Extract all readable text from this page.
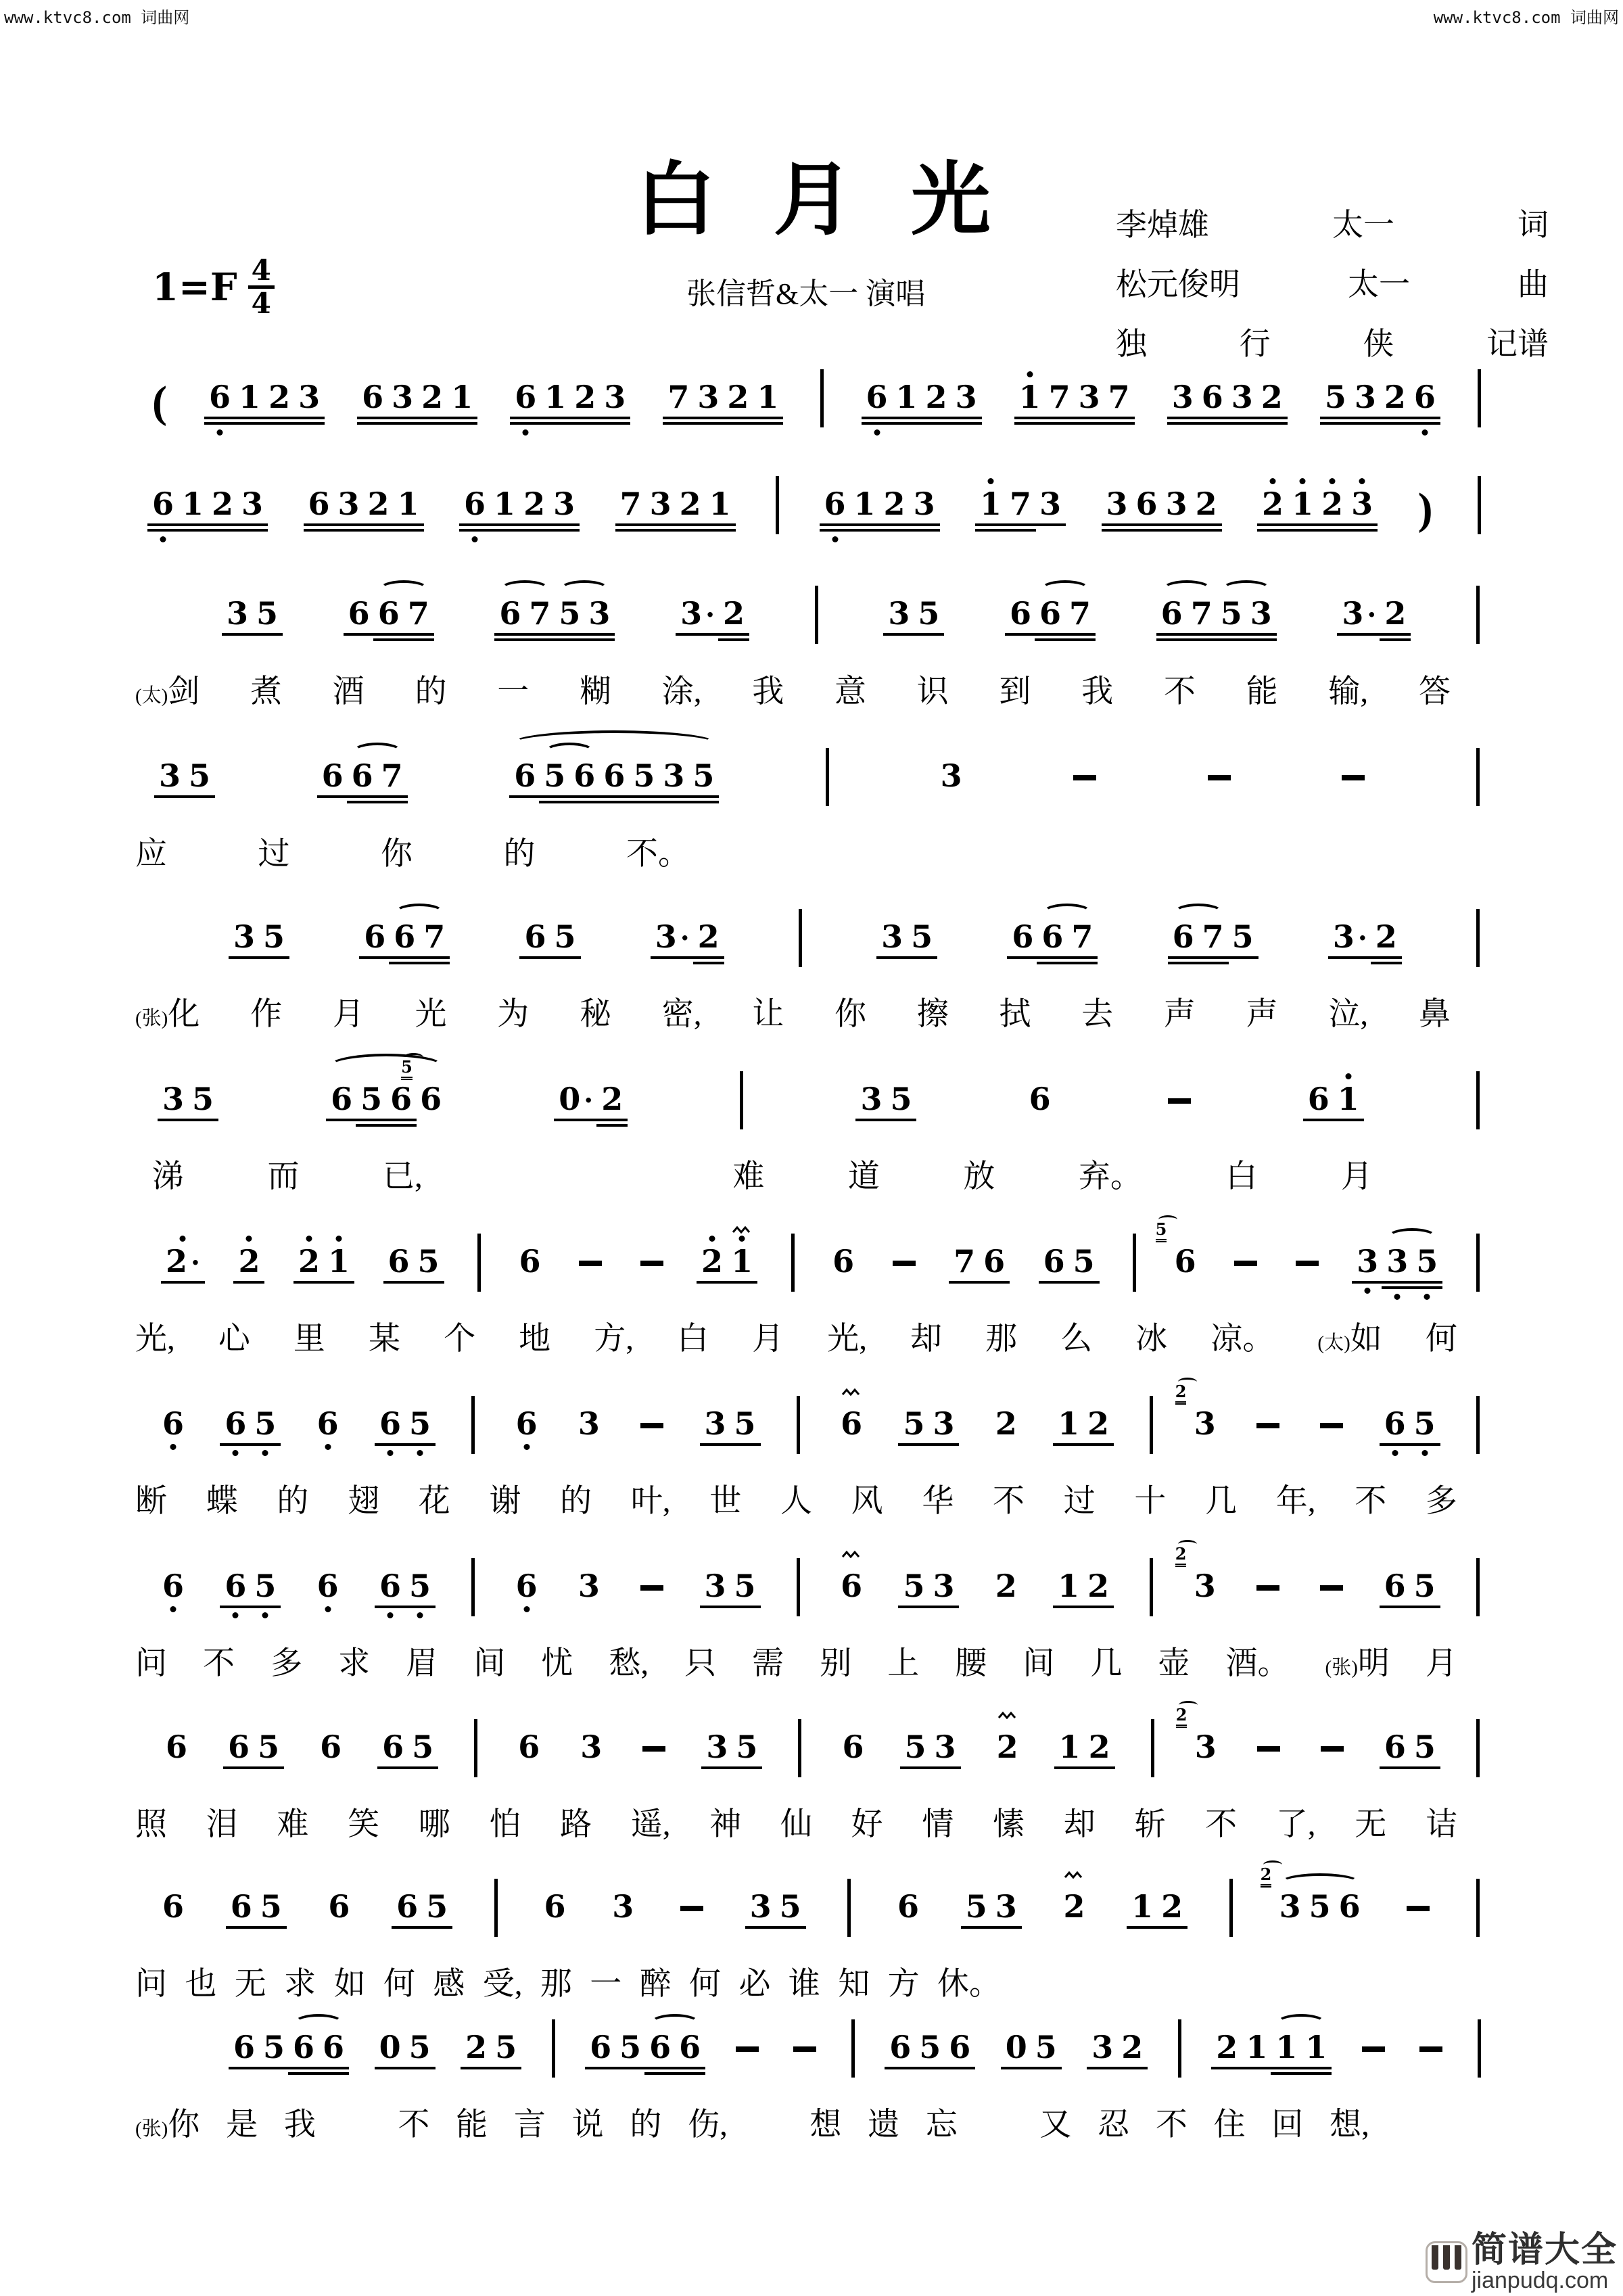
www.ktvc8.com 词曲网	www.ktvc8.com 词曲网
白 月 光
张信哲&太一 演唱
$1=F \frac{4}{4}$
李焯雄	太一	词
松元俊明	太一	曲
独	行	侠	记谱
( 6 1 2 3 6 3 2 1 6 1 2 3 7 3 2 1	6 1 2 3 1 7 3 7 3 6 3 2 5 3 2 6
6 1 2 3 6 3 2 1 6 1 2 3 7 3 2 1	6 1 2 3 1 7 3 3 6 3 2 2 1 2 3 )
3 5 6 6 7 6 7 5 3 3 · 2	3 5 6 6 7 6 7 5 3 3 · 2
3 5	6 6 7	6 5 6 6 5 3 5	3
3 5	6 6 7	6 5	3 · 2	3 5	6 6 7	6 7 5	3 · 2
3 5	6 5 6 6
5
0 · 2	3 5	6	6 1
2 · 2 2 1 6 5	6	2 1	6	7 6 6 5	6
5
3 3 5
6 6 5 6 6 5	6 3	3 5	6 5 3 2 1 2	3
2
6 5
6 6 5 6 6 5	6 3	3 5	6 5 3 2 1 2	3
2
6 5
6 6 5 6 6 5	6 3	3 5	6 5 3 2 1 2	3
2
6 5
6 6 5 6 6 5	6 3	3 5	6 5 3 2 1 2	3
2
5 6
6 5 6 6 0 5 2 5 6 5 6 6	6 5 6 0 5 3 2 2 1 1 1
(太)剑 煮 酒 的 一 糊 涂, 我 意 识 到 我 不 能 输, 答
应	过	你	的	不。
(张)化 作 月 光 为 秘 密, 让 你 擦 拭 去 声 声 泣, 鼻
涕	而	已,	难	道	放	弃。	白	月
光, 心 里 某 个 地 方, 白 月 光, 却 那 么 冰 凉。 (太)如 何
断 蝶 的 翅 花 谢 的 叶, 世 人 风 华 不 过 十 几 年, 不 多
问 不 多 求 眉 间 忧 愁, 只 需 别 上 腰 间 几 壶 酒。 (张)明 月
照 泪 难 笑 哪 怕 路 遥, 神 仙 好 情 愫 却 斩 不 了, 无 诘
问 也 无 求 如 何 感 受, 那 一 醉 何 必 谁 知 方 休。
(张)你 是 我	不 能 言 说 的 伤,	想 遗 忘	又 忍 不 住 回 想,
简谱大全
jianpudq.com
